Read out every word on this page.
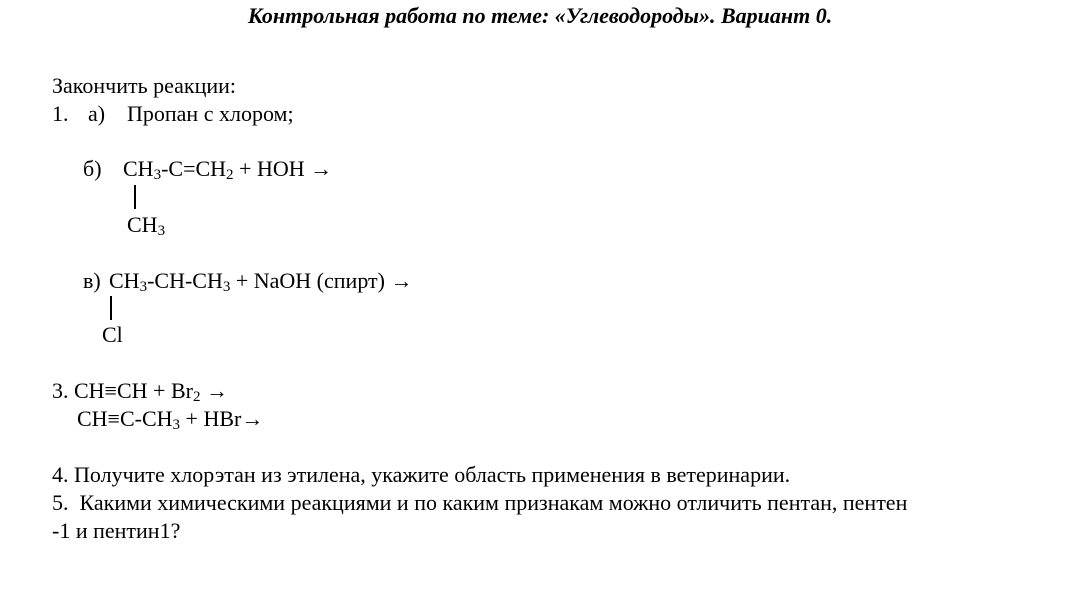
Контрольная работа по теме: «Углеводороды». Вариант 0.
Закончить реакции:
1. а) Пропан с хлором;
б) $CH_3-C=CH_2$ + HOH →
$CH_3$
в) $CH_3-CH-CH_3$ + NaOH (спирт) →
Cl
3. $CH\equiv CH + Br_2$ →
$CH\equiv C-CH_3 + HBr\to$
4. Получите хлорэтан из этилена, укажите область применения в ветеринарии.
5.  Какими химическими реакциями и по каким признакам можно отличить пентан, пентен
-1 и пентин1?
